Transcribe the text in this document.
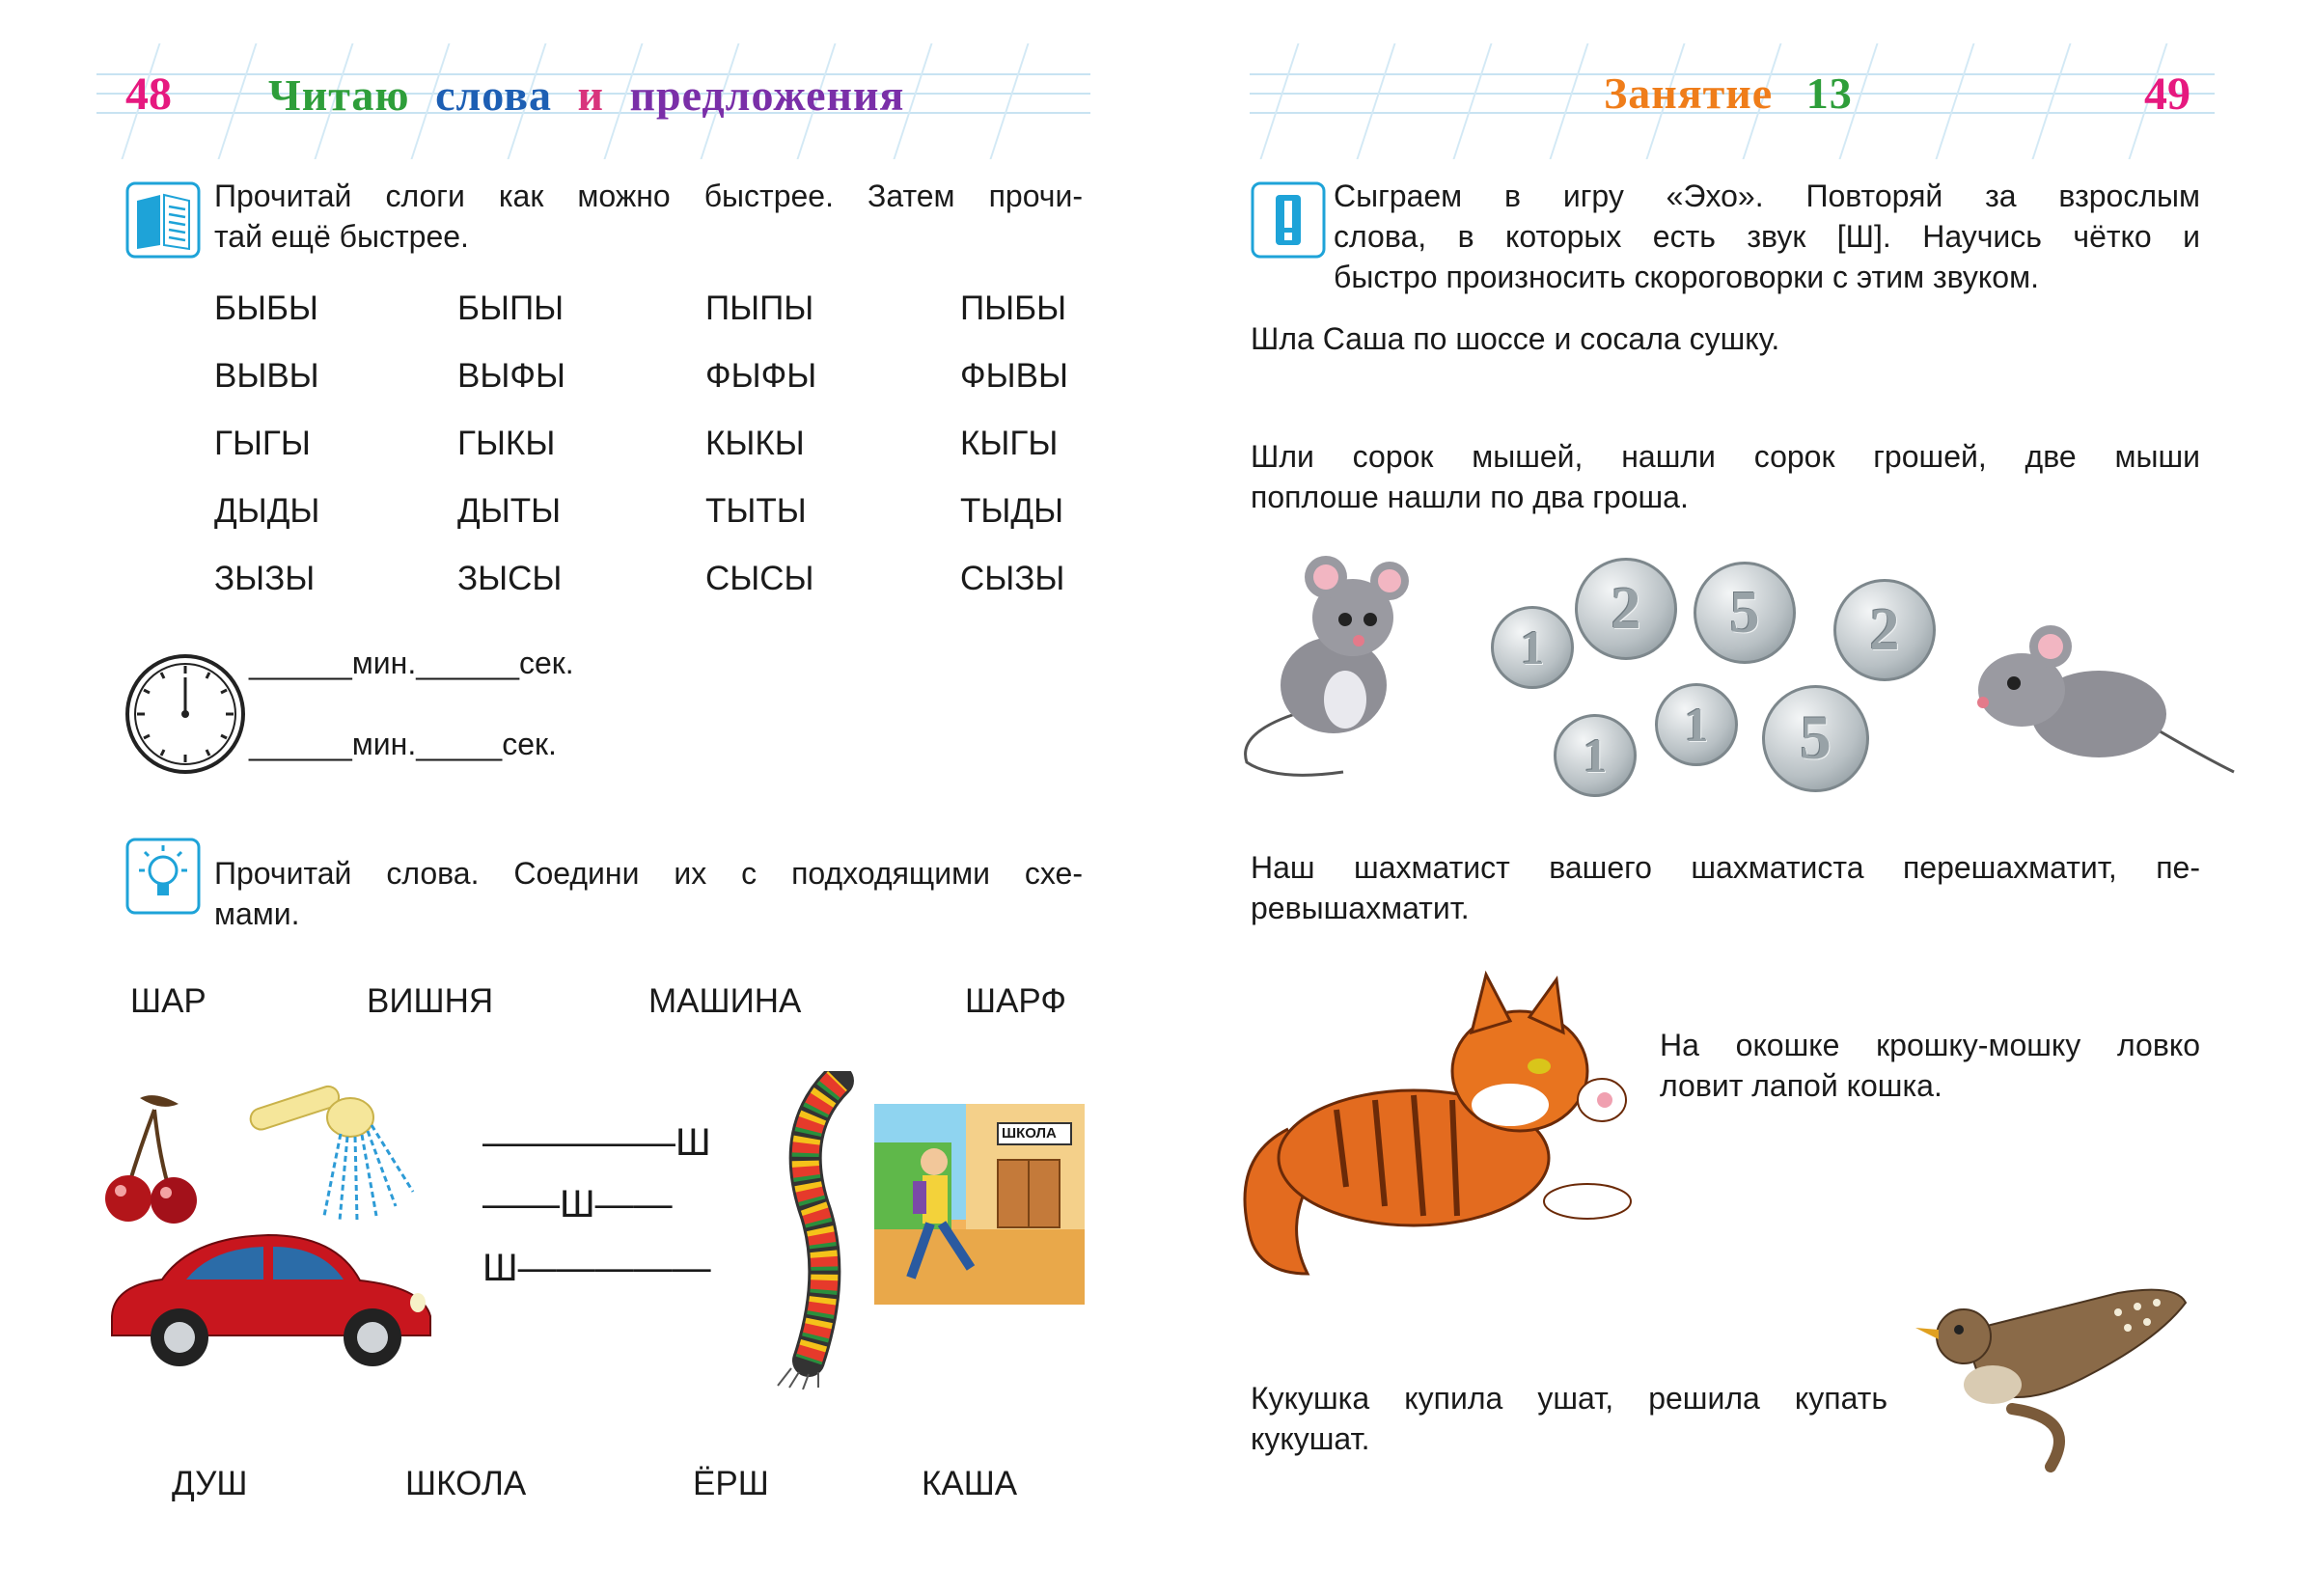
48 Читаю слова и предложения
Прочитай слоги как можно быстрее. Затем прочи-
тай ещё быстрее.
БЫБЫ	БЫПЫ	ПЫПЫ	ПЫБЫ
ВЫВЫ	ВЫФЫ	ФЫФЫ	ФЫВЫ
ГЫГЫ	ГЫКЫ	КЫКЫ	КЫГЫ
ДЫДЫ	ДЫТЫ	ТЫТЫ	ТЫДЫ
ЗЫЗЫ	ЗЫСЫ	СЫСЫ	СЫЗЫ
______мин.______сек.
______мин._____сек.
Прочитай слова. Соедини их с подходящими схе-
мами.
ШАР	ВИШНЯ	МАШИНА	ШАРФ
—————Ш
——Ш——
Ш—————
ШКОЛА
ДУШ	ШКОЛА	ЁРШ	КАША
Занятие 13	49
Сыграем в игру «Эхо». Повторяй за взрослым
слова, в которых есть звук [Ш]. Научись чётко и
быстро произносить скороговорки с этим звуком.
Шла Саша по шоссе и сосала сушку.
Шли сорок мышей, нашли сорок грошей, две мыши
поплоше нашли по два гроша.
1
2 5 2
1
1 5
Наш шахматист вашего шахматиста перешахматит, пе-
ревышахматит.
На окошке крошку-мошку ловко
ловит лапой кошка.
Кукушка купила ушат, решила купать
кукушат.
